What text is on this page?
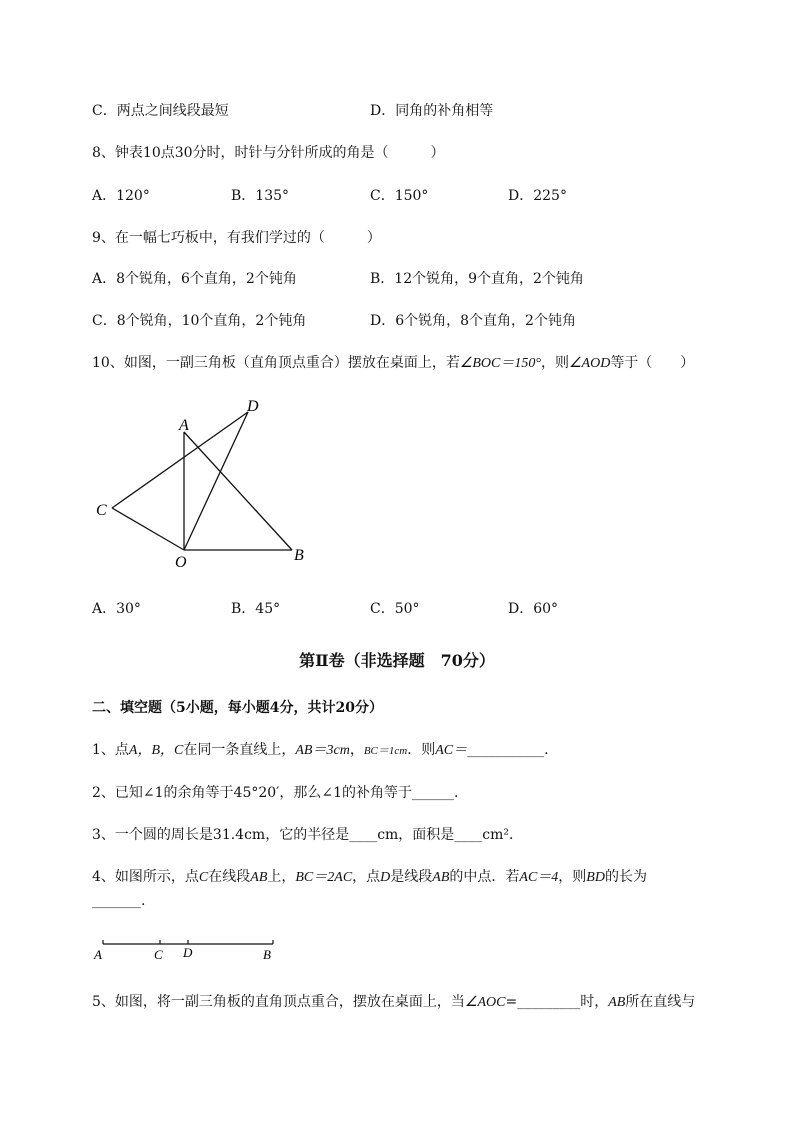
C．两点之间线段最短	D．同角的补角相等
8、钟表10点30分时，时针与分针所成的角是（　　　）
A．120°	B．135°	C．150°	D．225°
9、在一幅七巧板中，有我们学过的（　　　）
A．8个锐角，6个直角，2个钝角	B．12个锐角，9个直角，2个钝角
C．8个锐角，10个直角，2个钝角	D．6个锐角，8个直角，2个钝角
10、如图，一副三角板（直角顶点重合）摆放在桌面上，若∠BOC＝150°，则∠AOD等于（　　）
A
D
C
O	B
A．30°	B．45°	C．50°	D．60°
第Ⅱ卷（非选择题　70分）
二、填空题（5小题，每小题4分，共计20分）
1、点A，B，C在同一条直线上，AB＝3cm，BC＝1cm．则AC＝___________.
2、已知∠1的余角等于45°20′，那么∠1的补角等于______.
3、一个圆的周长是31.4cm，它的半径是____cm，面积是____cm².
4、如图所示，点C在线段AB上，BC＝2AC，点D是线段AB的中点．若AC＝4，则BD的长为
_______.
A	C D	B
5、如图，将一副三角板的直角顶点重合，摆放在桌面上，当∠AOC=_________时，AB所在直线与
